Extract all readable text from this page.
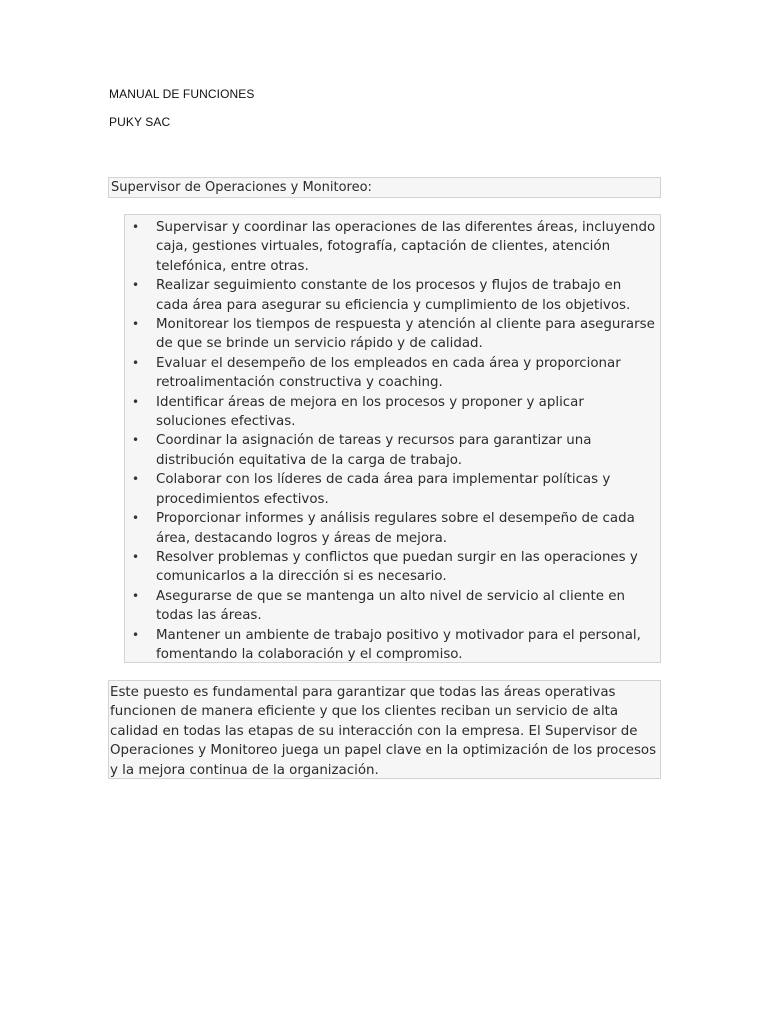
MANUAL DE FUNCIONES
PUKY SAC
Supervisor de Operaciones y Monitoreo:
• Supervisar y coordinar las operaciones de las diferentes áreas, incluyendo caja, gestiones virtuales, fotografía, captación de clientes, atención telefónica, entre otras.
• Realizar seguimiento constante de los procesos y flujos de trabajo en cada área para asegurar su eficiencia y cumplimiento de los objetivos.
• Monitorear los tiempos de respuesta y atención al cliente para asegurarse de que se brinde un servicio rápido y de calidad.
• Evaluar el desempeño de los empleados en cada área y proporcionar retroalimentación constructiva y coaching.
• Identificar áreas de mejora en los procesos y proponer y aplicar soluciones efectivas.
• Coordinar la asignación de tareas y recursos para garantizar una distribución equitativa de la carga de trabajo.
• Colaborar con los líderes de cada área para implementar políticas y procedimientos efectivos.
• Proporcionar informes y análisis regulares sobre el desempeño de cada área, destacando logros y áreas de mejora.
• Resolver problemas y conflictos que puedan surgir en las operaciones y comunicarlos a la dirección si es necesario.
• Asegurarse de que se mantenga un alto nivel de servicio al cliente en todas las áreas.
• Mantener un ambiente de trabajo positivo y motivador para el personal, fomentando la colaboración y el compromiso.

Este puesto es fundamental para garantizar que todas las áreas operativas funcionen de manera eficiente y que los clientes reciban un servicio de alta calidad en todas las etapas de su interacción con la empresa. El Supervisor de Operaciones y Monitoreo juega un papel clave en la optimización de los procesos y la mejora continua de la organización.
